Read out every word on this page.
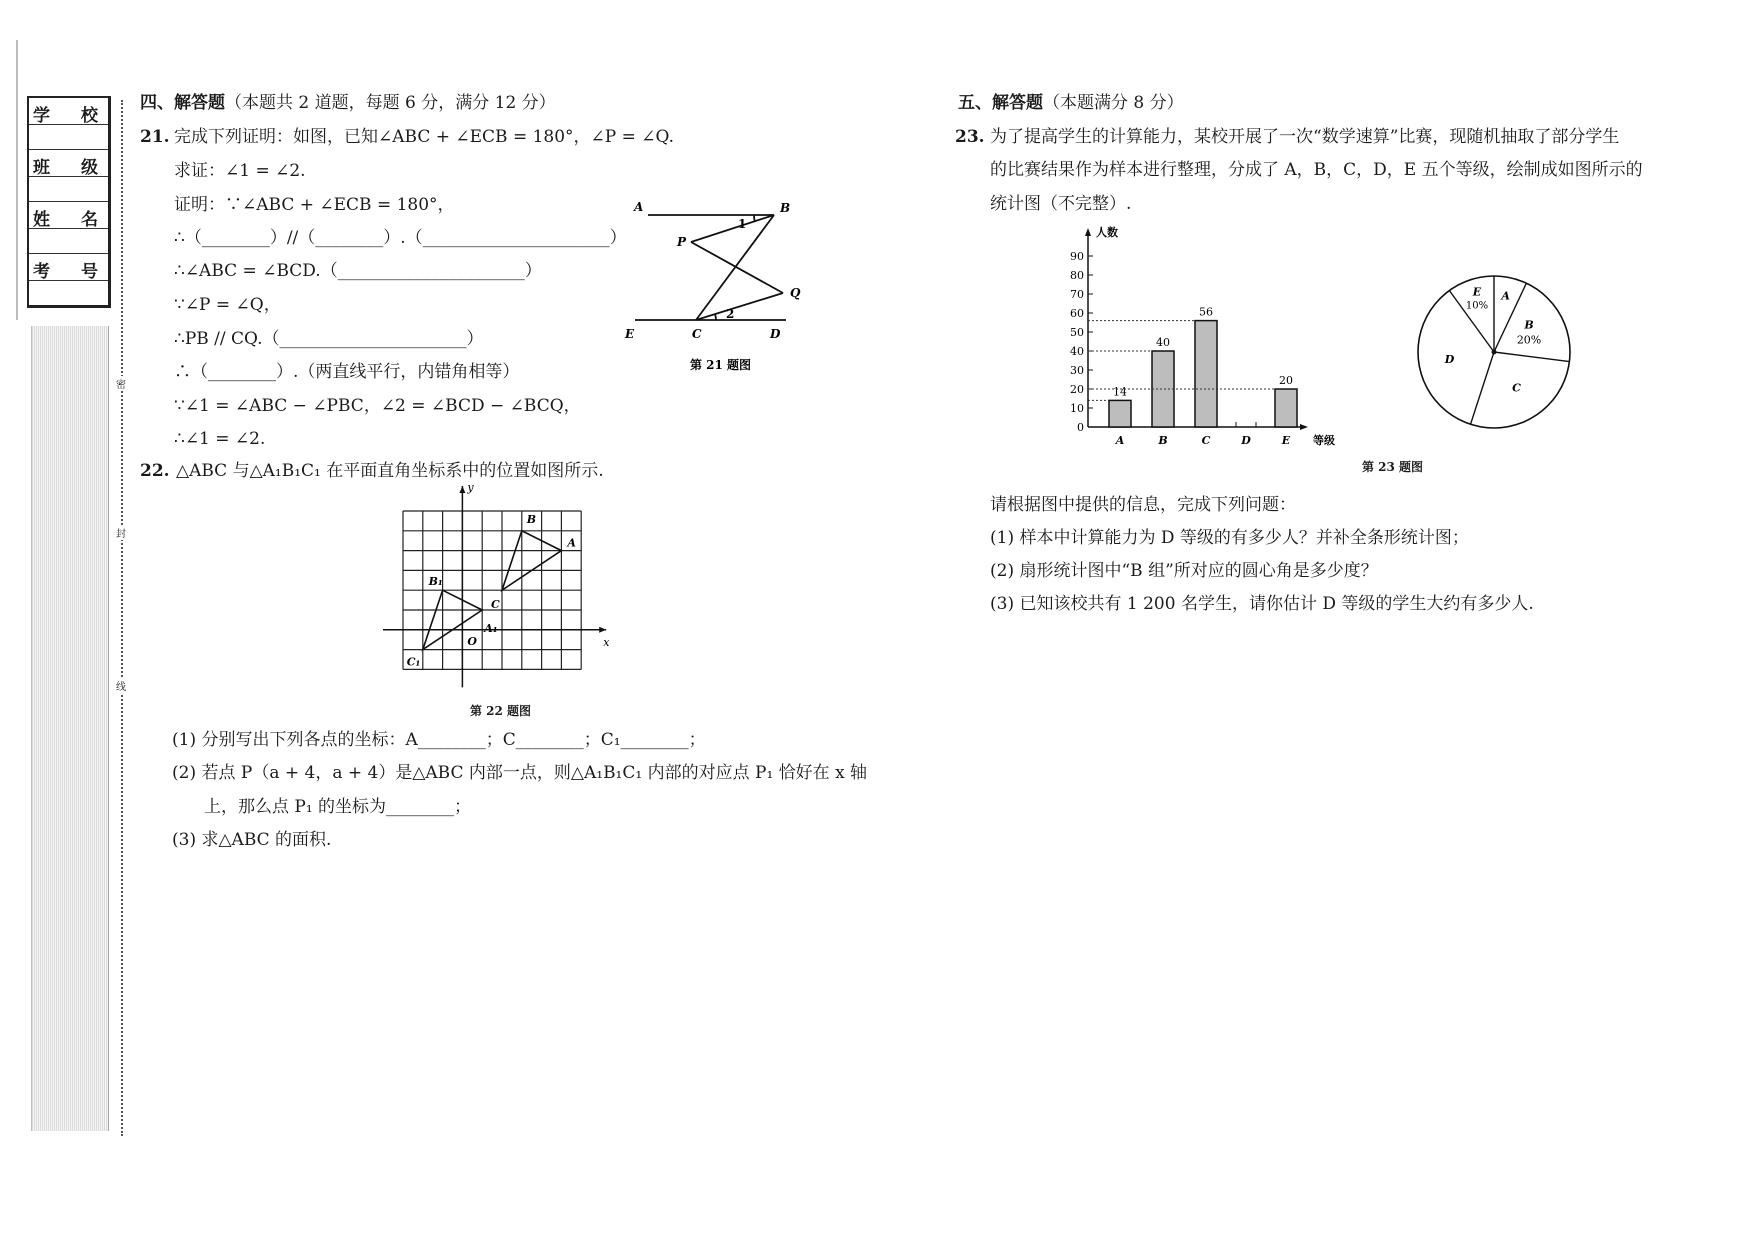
学 校
班 级
姓 名
考 号
密
封
线
四、解答题（本题共 2 道题，每题 6 分，满分 12 分）
21. 完成下列证明：如图，已知∠ABC + ∠ECB = 180°，∠P = ∠Q.
求证：∠1 = ∠2.
证明：∵∠ABC + ∠ECB = 180°，
∴（________）//（________）.（______________________）
∴∠ABC = ∠BCD.（______________________）
∵∠P = ∠Q，
∴PB // CQ.（______________________）
∴（________）.（两直线平行，内错角相等）
∵∠1 = ∠ABC − ∠PBC，∠2 = ∠BCD − ∠BCQ，
∴∠1 = ∠2.
A	B
P
Q
E	C	D
1
2
第 21 题图
22. △ABC 与△A₁B₁C₁ 在平面直角坐标系中的位置如图所示.
x
y
O
A
B
C
A₁
B₁
C₁
第 22 题图
(1) 分别写出下列各点的坐标：A________；C________；C₁________；
(2) 若点 P（a + 4，a + 4）是△ABC 内部一点，则△A₁B₁C₁ 内部的对应点 P₁ 恰好在 x 轴
上，那么点 P₁ 的坐标为________；
(3) 求△ABC 的面积.
五、解答题（本题满分 8 分）
23. 为了提高学生的计算能力，某校开展了一次“数学速算”比赛，现随机抽取了部分学生
的比赛结果作为样本进行整理，分成了 A，B，C，D，E 五个等级，绘制成如图所示的
统计图（不完整）.
人数
等级
0
10
20
30
40
50
60
70
80
90
A
14
B
40
C
56
D	E
20
A
B
20%
C
D
E
10%
第 23 题图
请根据图中提供的信息，完成下列问题：
(1) 样本中计算能力为 D 等级的有多少人？并补全条形统计图；
(2) 扇形统计图中“B 组”所对应的圆心角是多少度？
(3) 已知该校共有 1 200 名学生，请你估计 D 等级的学生大约有多少人.
